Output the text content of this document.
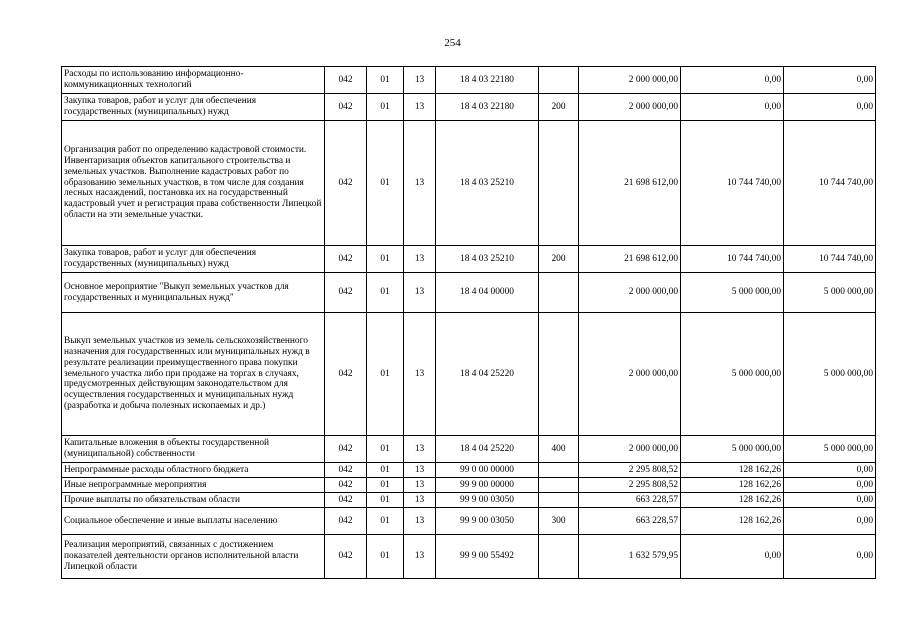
254
Расходы по использованию информационно-коммуникационных технологий	042	01	13	18 4 03 22180		2 000 000,00	0,00	0,00
Закупка товаров, работ и услуг для обеспечения государственных (муниципальных) нужд	042	01	13	18 4 03 22180	200	2 000 000,00	0,00	0,00
Организация работ по определению кадастровой стоимости. Инвентаризация объектов капитального строительства и земельных участков. Выполнение кадастровых работ по образованию земельных участков, в том числе для создания лесных насаждений, постановка их на государственный кадастровый учет и регистрация права собственности Липецкой области на эти земельные участки.	042	01	13	18 4 03 25210		21 698 612,00	10 744 740,00	10 744 740,00
Закупка товаров, работ и услуг для обеспечения государственных (муниципальных) нужд	042	01	13	18 4 03 25210	200	21 698 612,00	10 744 740,00	10 744 740,00
Основное мероприятие "Выкуп земельных участков для государственных и муниципальных нужд"	042	01	13	18 4 04 00000		2 000 000,00	5 000 000,00	5 000 000,00
Выкуп земельных участков из земель сельскохозяйственного назначения для государственных или муниципальных нужд в результате реализации преимущественного права покупки земельного участка либо при продаже на торгах в случаях, предусмотренных действующим законодательством для осуществления государственных и муниципальных нужд (разработка и добыча полезных ископаемых и др.)	042	01	13	18 4 04 25220		2 000 000,00	5 000 000,00	5 000 000,00
Капитальные вложения в объекты государственной (муниципальной) собственности	042	01	13	18 4 04 25220	400	2 000 000,00	5 000 000,00	5 000 000,00
Непрограммные расходы областного бюджета	042	01	13	99 0 00 00000		2 295 808,52	128 162,26	0,00
Иные непрограммные мероприятия	042	01	13	99 9 00 00000		2 295 808,52	128 162,26	0,00
Прочие выплаты по обязательствам области	042	01	13	99 9 00 03050		663 228,57	128 162,26	0,00
Социальное обеспечение и иные выплаты населению	042	01	13	99 9 00 03050	300	663 228,57	128 162,26	0,00
Реализация мероприятий, связанных с достижением показателей деятельности органов исполнительной власти Липецкой области	042	01	13	99 9 00 55492		1 632 579,95	0,00	0,00
